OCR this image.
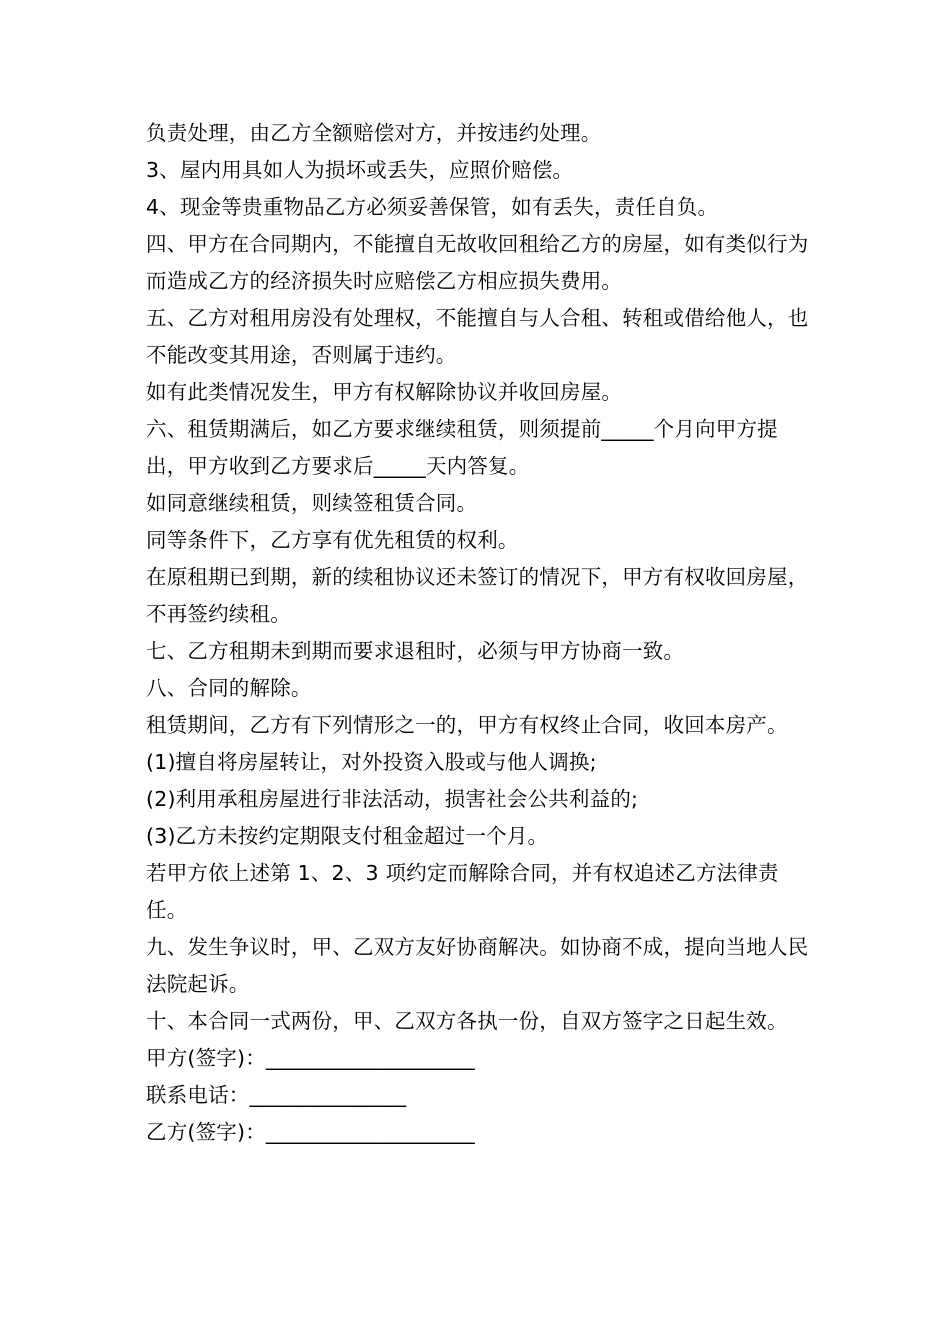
负责处理，由乙方全额赔偿对方，并按违约处理。

3、屋内用具如人为损坏或丢失，应照价赔偿。

4、现金等贵重物品乙方必须妥善保管，如有丢失，责任自负。

四、甲方在合同期内，不能擅自无故收回租给乙方的房屋，如有类似行为而造成乙方的经济损失时应赔偿乙方相应损失费用。

五、乙方对租用房没有处理权，不能擅自与人合租、转租或借给他人，也不能改变其用途，否则属于违约。

如有此类情况发生，甲方有权解除协议并收回房屋。

六、租赁期满后，如乙方要求继续租赁，则须提前_____个月向甲方提出，甲方收到乙方要求后_____天内答复。

如同意继续租赁，则续签租赁合同。

同等条件下，乙方享有优先租赁的权利。

在原租期已到期，新的续租协议还未签订的情况下，甲方有权收回房屋，不再签约续租。

七、乙方租期未到期而要求退租时，必须与甲方协商一致。

八、合同的解除。

租赁期间，乙方有下列情形之一的，甲方有权终止合同，收回本房产。

(1)擅自将房屋转让，对外投资入股或与他人调换;

(2)利用承租房屋进行非法活动，损害社会公共利益的;

(3)乙方未按约定期限支付租金超过一个月。

若甲方依上述第 1、2、3 项约定而解除合同，并有权追述乙方法律责任。

九、发生争议时，甲、乙双方友好协商解决。如协商不成，提向当地人民法院起诉。

十、本合同一式两份，甲、乙双方各执一份，自双方签字之日起生效。

甲方(签字)：____________________

联系电话：_______________

乙方(签字)：____________________
